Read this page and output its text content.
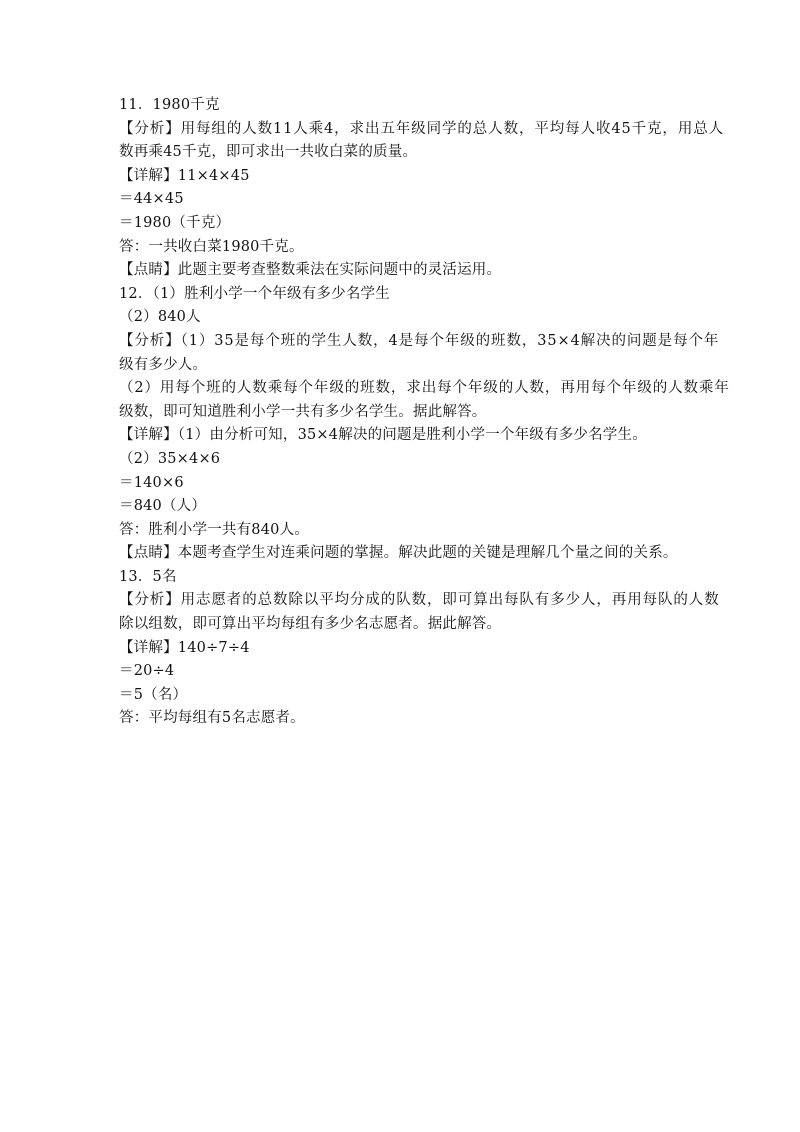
11．1980千克
【分析】用每组的人数11人乘4，求出五年级同学的总人数，平均每人收45千克，用总人
数再乘45千克，即可求出一共收白菜的质量。
【详解】11×4×45
＝44×45
＝1980（千克）
答：一共收白菜1980千克。
【点睛】此题主要考查整数乘法在实际问题中的灵活运用。
12．（1）胜利小学一个年级有多少名学生
（2）840人
【分析】（1）35是每个班的学生人数，4是每个年级的班数，35×4解决的问题是每个年
级有多少人。
（2）用每个班的人数乘每个年级的班数，求出每个年级的人数，再用每个年级的人数乘年
级数，即可知道胜利小学一共有多少名学生。据此解答。
【详解】（1）由分析可知，35×4解决的问题是胜利小学一个年级有多少名学生。
（2）35×4×6
＝140×6
＝840（人）
答：胜利小学一共有840人。
【点睛】本题考查学生对连乘问题的掌握。解决此题的关键是理解几个量之间的关系。
13．5名
【分析】用志愿者的总数除以平均分成的队数，即可算出每队有多少人，再用每队的人数
除以组数，即可算出平均每组有多少名志愿者。据此解答。
【详解】140÷7÷4
＝20÷4
＝5（名）
答：平均每组有5名志愿者。
